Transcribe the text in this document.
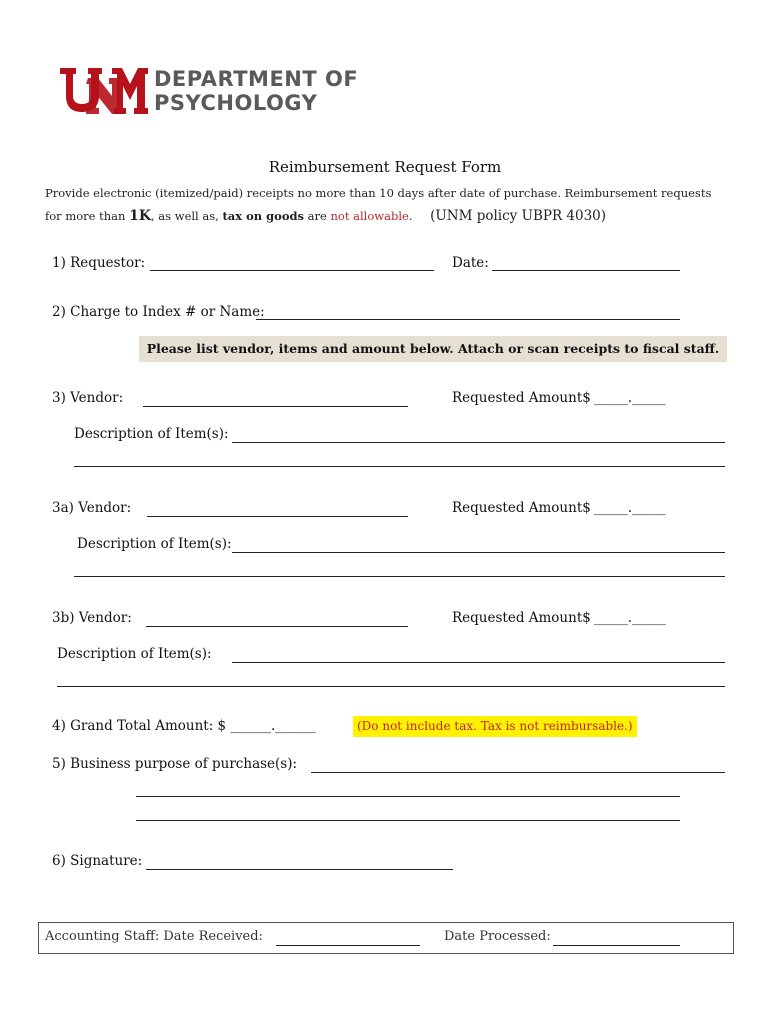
DEPARTMENT OF
PSYCHOLOGY
Reimbursement Request Form
Provide electronic (itemized/paid) receipts no more than 10 days after date of purchase. Reimbursement requests
for more than 1K, as well as, tax on goods are not allowable. (UNM policy UBPR 4030)
1) Requestor:	Date:
2) Charge to Index # or Name:
Please list vendor, items and amount below. Attach or scan receipts to fiscal staff.
3) Vendor:	Requested Amount$ _____._____
Description of Item(s):
3a) Vendor:	Requested Amount$ _____._____
Description of Item(s):
3b) Vendor:	Requested Amount$ _____._____
Description of Item(s):
4) Grand Total Amount: $ ______.______	(Do not include tax. Tax is not reimbursable.)
5) Business purpose of purchase(s):
6) Signature:
Accounting Staff: Date Received:	Date Processed:
